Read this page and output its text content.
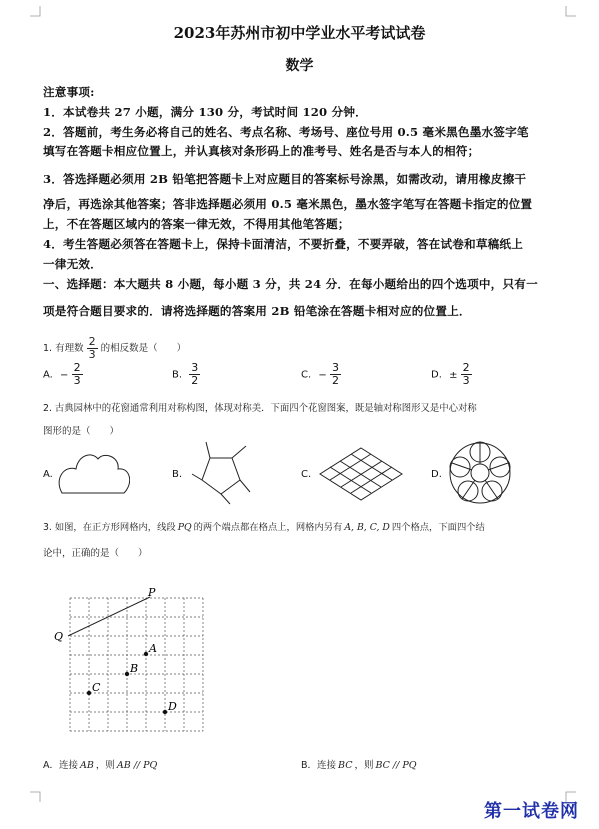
2023年苏州市初中学业水平考试试卷
数学
注意事项:
1．本试卷共 27 小题，满分 130 分，考试时间 120 分钟．
2．答题前，考生务必将自己的姓名、考点名称、考场号、座位号用 0.5 毫米黑色墨水签字笔
填写在答题卡相应位置上，并认真核对条形码上的准考号、姓名是否与本人的相符；
3．答选择题必须用 2B 铅笔把答题卡上对应题目的答案标号涂黑，如需改动，请用橡皮擦干
净后，再选涂其他答案；答非选择题必须用 0.5 毫米黑色，墨水签字笔写在答题卡指定的位置
上，不在答题区域内的答案一律无效，不得用其他笔答题；
4．考生答题必须答在答题卡上，保持卡面清洁，不要折叠，不要弄破，答在试卷和草稿纸上
一律无效．
一、选择题：本大题共 8 小题，每小题 3 分，共 24 分．在每小题给出的四个选项中，只有一
项是符合题目要求的．请将选择题的答案用 2B 铅笔涂在答题卡相对应的位置上．
1. 有理数 $\frac{2}{3}$ 的相反数是（　　）
A. − $\frac{2}{3}$	B. $\frac{3}{2}$	C. − $\frac{3}{2}$	D. ± $\frac{2}{3}$
2. 古典园林中的花窗通常利用对称构图，体现对称美．下面四个花窗图案，既是轴对称图形又是中心对称
图形的是（　　）
A.	B.	C.	D.
3. 如图，在正方形网格内，线段 PQ 的两个端点都在格点上，网格内另有 A, B, C, D 四个格点，下面四个结
论中，正确的是（　　）
P
Q
A
B
C
D
A．连接 AB ，则 AB // PQ	B．连接 BC ，则 BC // PQ
第一试卷网
